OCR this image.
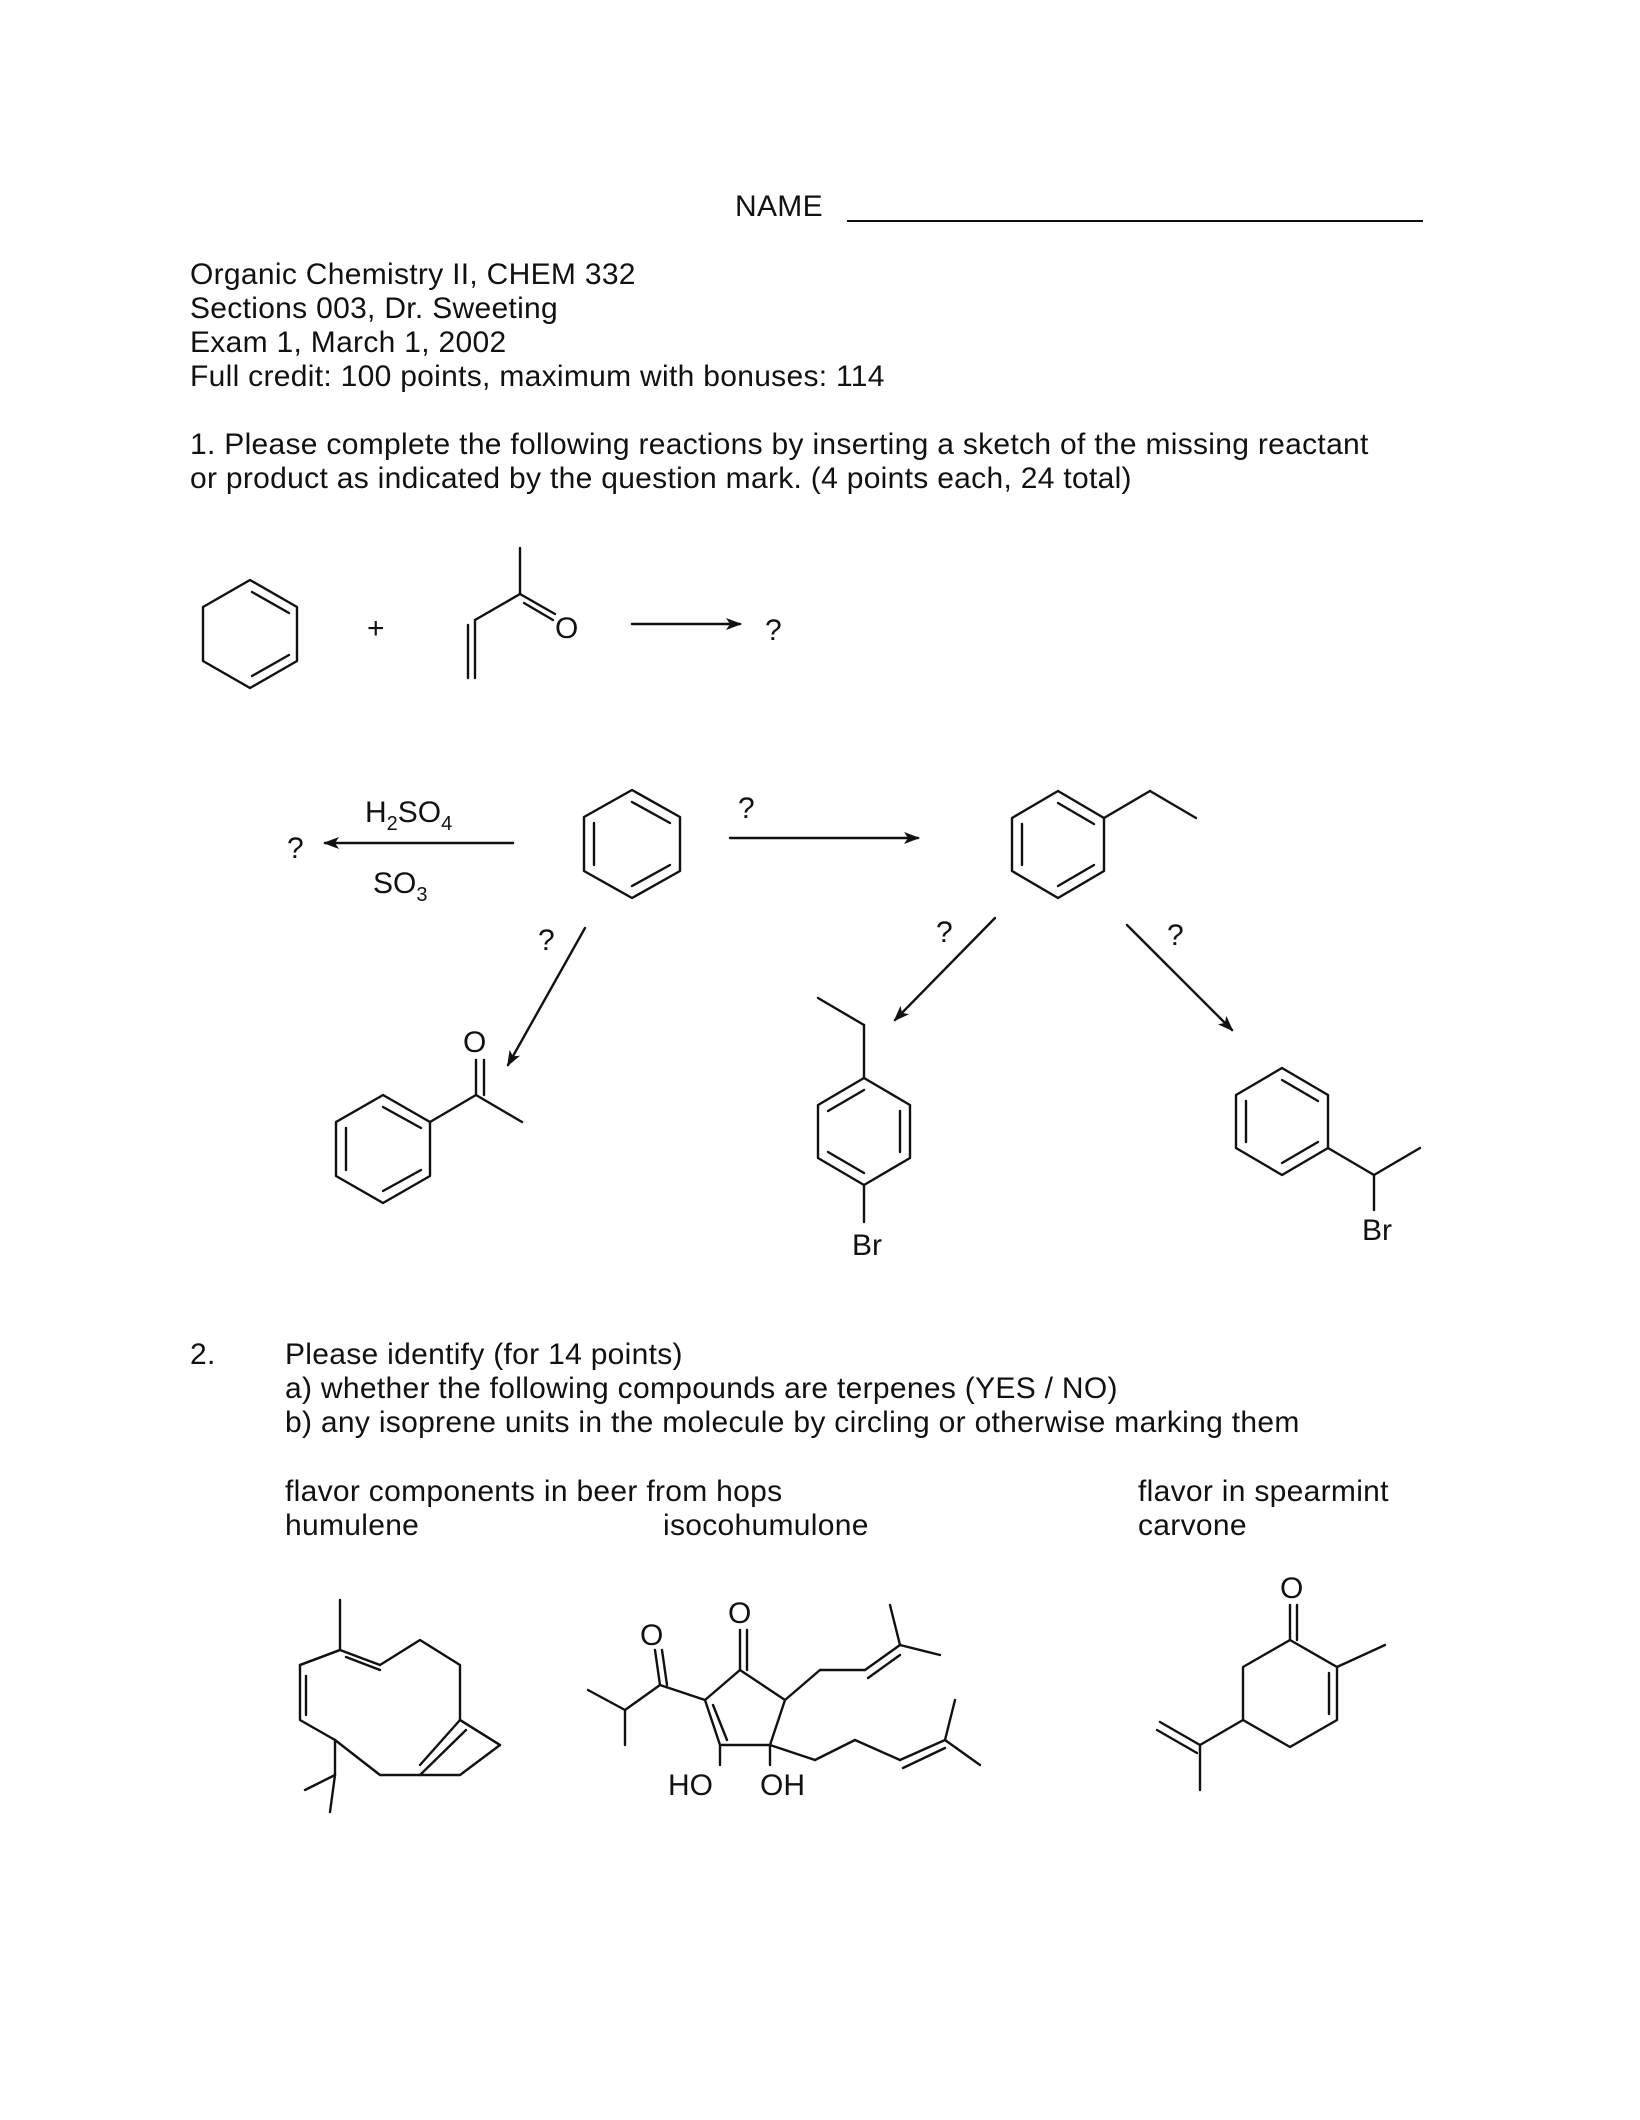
NAME
Organic Chemistry II, CHEM 332
Sections 003, Dr. Sweeting
Exam 1, March 1, 2002
Full credit: 100 points, maximum with bonuses: 114
1. Please complete the following reactions by inserting a sketch of the missing reactant
or product as indicated by the question mark. (4 points each, 24 total)
2. Please identify (for 14 points)
a) whether the following compounds are terpenes (YES / NO)
b) any isoprene units in the molecule by circling or otherwise marking them
flavor components in beer from hops
humulene	isocohumulone
flavor in spearmint
carvone
+	O	?
?
$H_2SO_4$
$SO_3$
?
?
O
?
Br
?
Br
O
O
HO OH
O
